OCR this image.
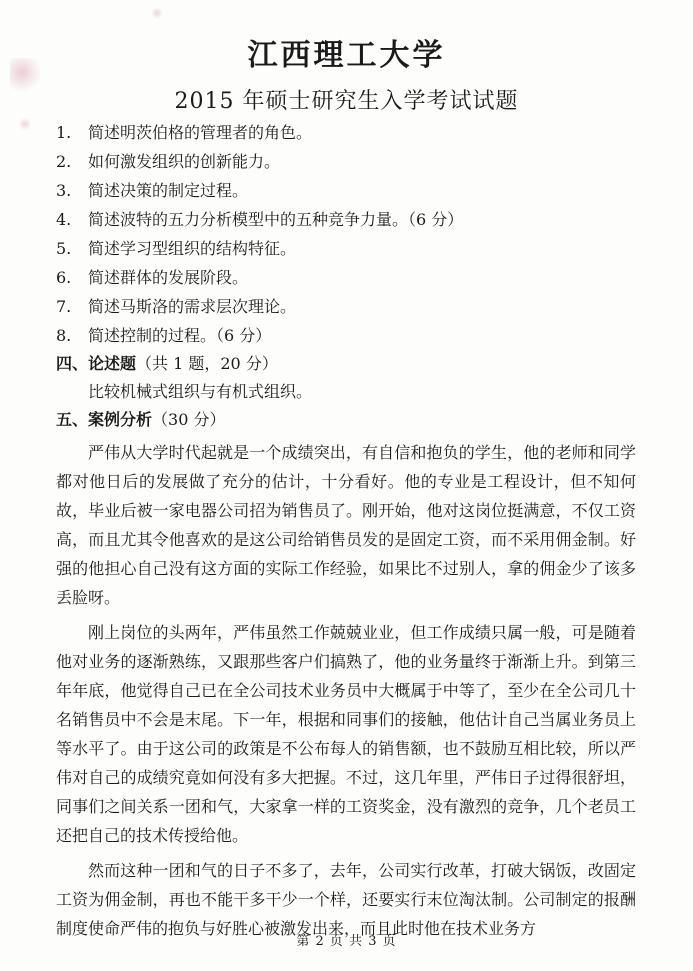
江西理工大学
2015 年硕士研究生入学考试试题
1. 简述明茨伯格的管理者的角色。
2. 如何激发组织的创新能力。
3. 简述决策的制定过程。
4. 简述波特的五力分析模型中的五种竞争力量。（6 分）
5. 简述学习型组织的结构特征。
6. 简述群体的发展阶段。
7. 简述马斯洛的需求层次理论。
8. 简述控制的过程。（6 分）
四、论述题（共 1 题，20 分）
比较机械式组织与有机式组织。
五、案例分析（30 分）
严伟从大学时代起就是一个成绩突出，有自信和抱负的学生，他的老师和同学都对他日后的发展做了充分的估计，十分看好。他的专业是工程设计，但不知何故，毕业后被一家电器公司招为销售员了。刚开始，他对这岗位挺满意，不仅工资高，而且尤其令他喜欢的是这公司给销售员发的是固定工资，而不采用佣金制。好强的他担心自己没有这方面的实际工作经验，如果比不过别人，拿的佣金少了该多丢脸呀。
刚上岗位的头两年，严伟虽然工作兢兢业业，但工作成绩只属一般，可是随着他对业务的逐渐熟练，又跟那些客户们搞熟了，他的业务量终于渐渐上升。到第三年年底，他觉得自己已在全公司技术业务员中大概属于中等了，至少在全公司几十名销售员中不会是末尾。下一年，根据和同事们的接触，他估计自己当属业务员上等水平了。由于这公司的政策是不公布每人的销售额，也不鼓励互相比较，所以严伟对自己的成绩究竟如何没有多大把握。不过，这几年里，严伟日子过得很舒坦，同事们之间关系一团和气，大家拿一样的工资奖金，没有激烈的竞争，几个老员工还把自己的技术传授给他。
然而这种一团和气的日子不多了，去年，公司实行改革，打破大锅饭，改固定工资为佣金制，再也不能干多干少一个样，还要实行末位淘汰制。公司制定的报酬制度使命严伟的抱负与好胜心被激发出来，而且此时他在技术业务方
第 2 页 共 3 页
